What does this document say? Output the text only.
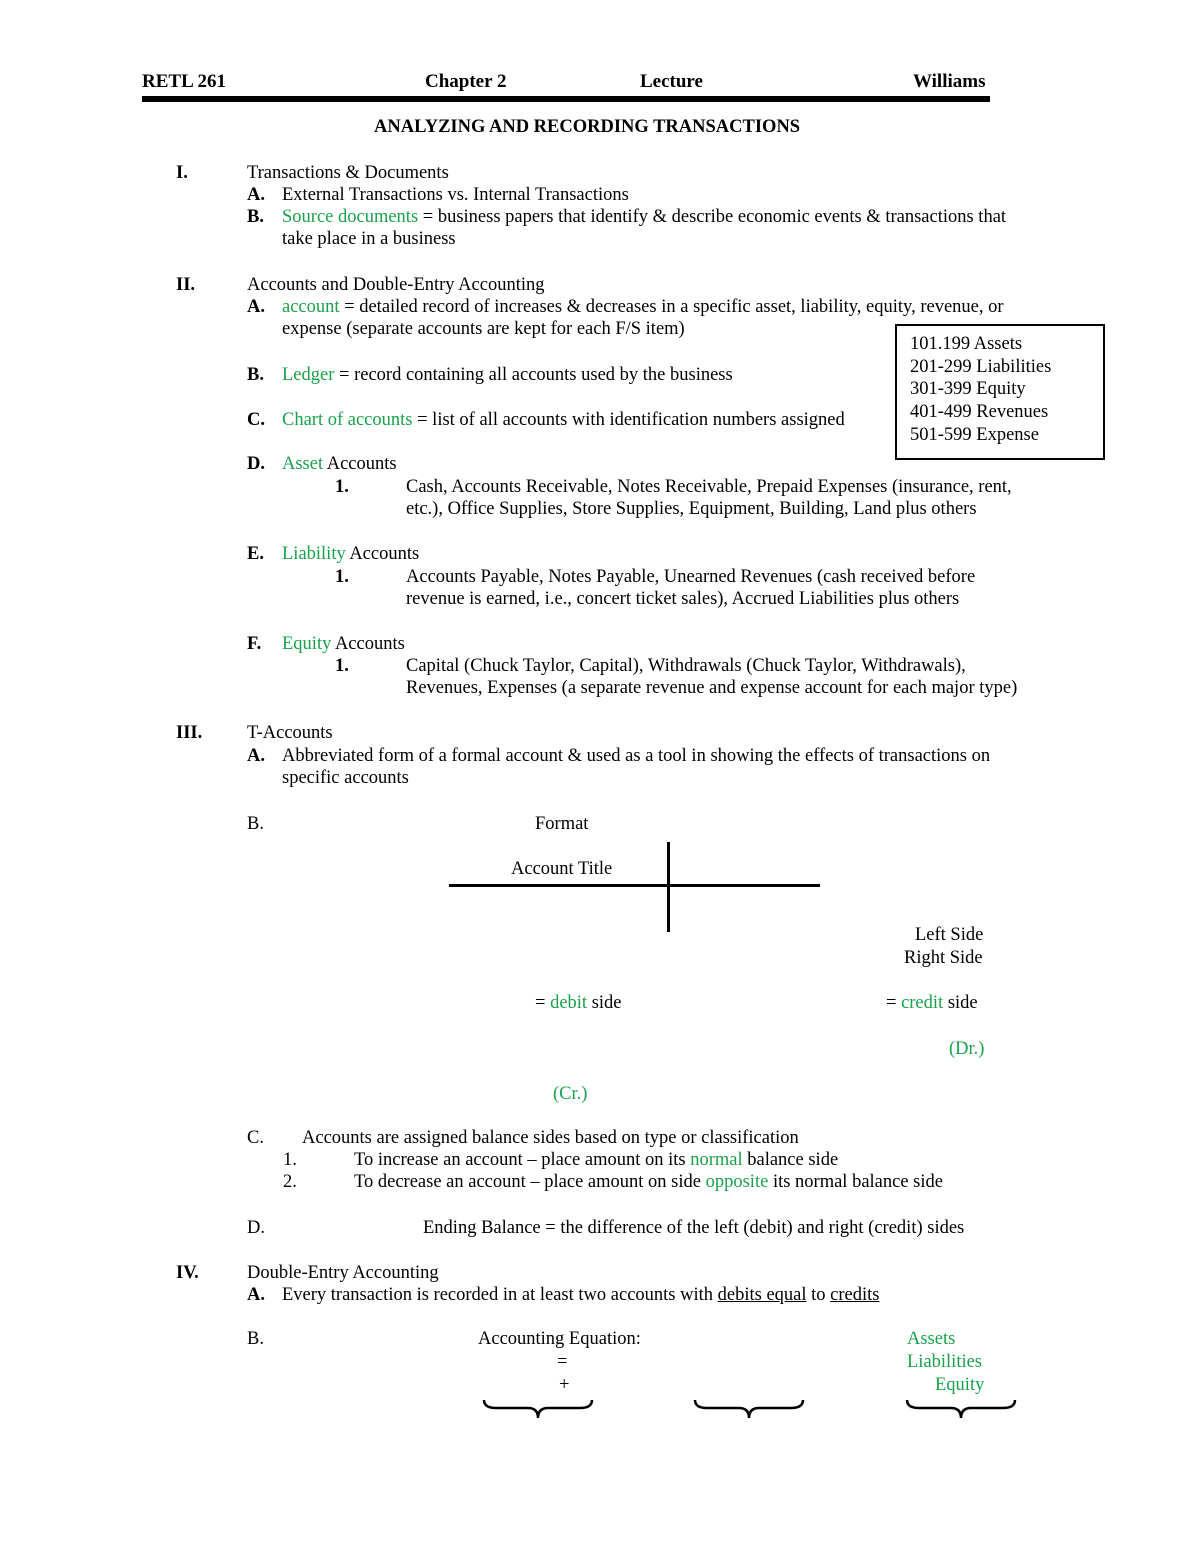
RETL 261	Chapter 2	Lecture	Williams
ANALYZING AND RECORDING TRANSACTIONS
I.	Transactions & Documents
A. External Transactions vs. Internal Transactions
B. Source documents = business papers that identify & describe economic events & transactions that
take place in a business
II.	Accounts and Double-Entry Accounting
A. account = detailed record of increases & decreases in a specific asset, liability, equity, revenue, or
expense (separate accounts are kept for each F/S item)
B. Ledger = record containing all accounts used by the business
C. Chart of accounts = list of all accounts with identification numbers assigned
101.199 Assets
201-299 Liabilities
301-399 Equity
401-499 Revenues
501-599 Expense
D. Asset Accounts
1.	Cash, Accounts Receivable, Notes Receivable, Prepaid Expenses (insurance, rent,
etc.), Office Supplies, Store Supplies, Equipment, Building, Land plus others
E. Liability Accounts
1.	Accounts Payable, Notes Payable, Unearned Revenues (cash received before
revenue is earned, i.e., concert ticket sales), Accrued Liabilities plus others
F. Equity Accounts
1.	Capital (Chuck Taylor, Capital), Withdrawals (Chuck Taylor, Withdrawals),
Revenues, Expenses (a separate revenue and expense account for each major type)
III. T-Accounts
A. Abbreviated form of a formal account & used as a tool in showing the effects of transactions on
specific accounts
B.	Format
Account Title
Left Side
Right Side
= debit side	= credit side
(Dr.)
(Cr.)
C. Accounts are assigned balance sides based on type or classification
1.	To increase an account – place amount on its normal balance side
2.	To decrease an account – place amount on side opposite its normal balance side
D.	Ending Balance = the difference of the left (debit) and right (credit) sides
IV.	Double-Entry Accounting
A. Every transaction is recorded in at least two accounts with debits equal to credits
B.	Accounting Equation:
=
+
Assets
Liabilities
Equity
